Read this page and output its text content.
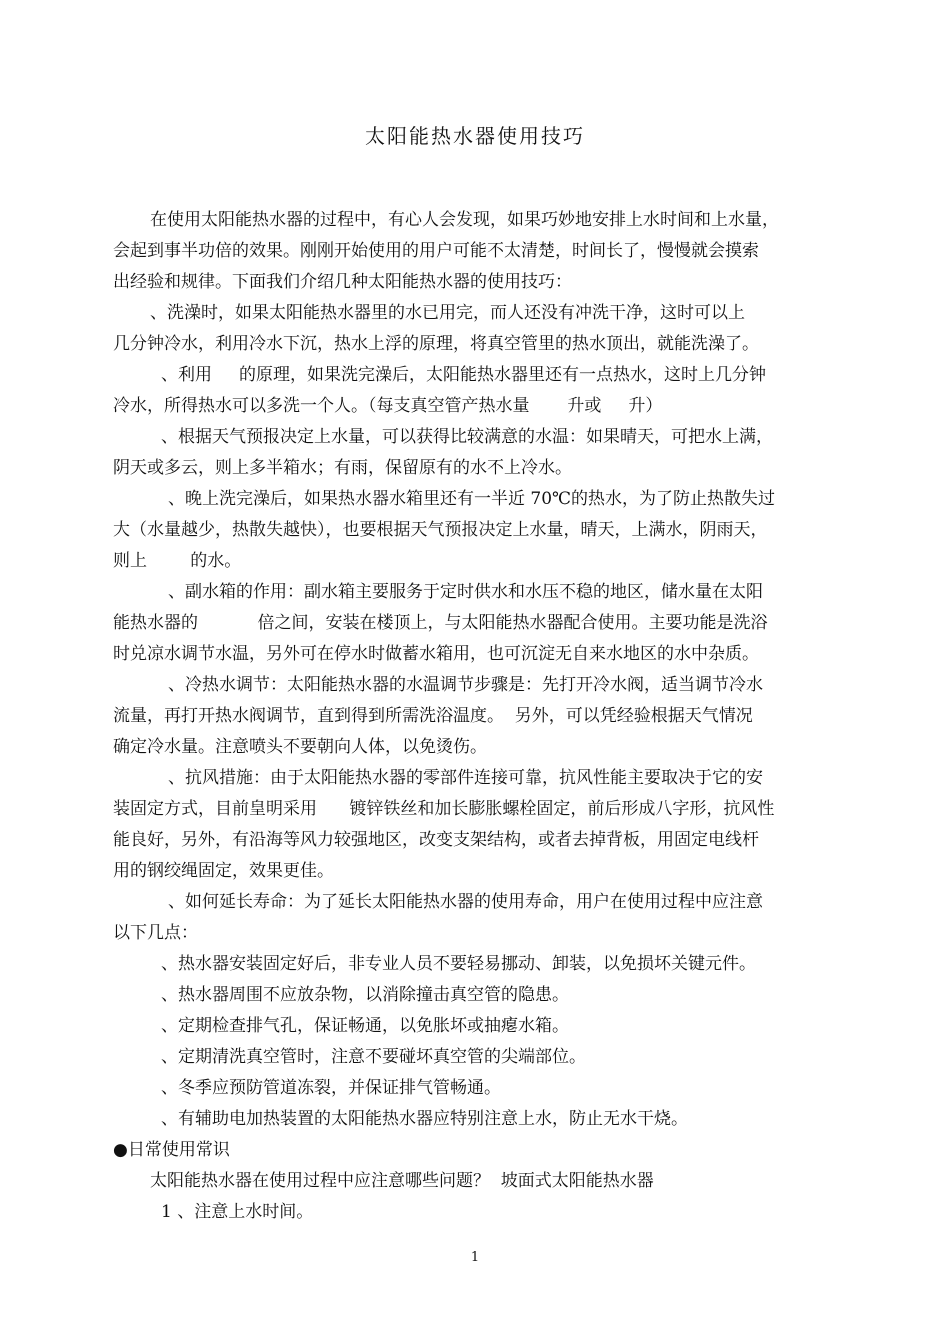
太阳能热水器使用技巧
在使用太阳能热水器的过程中，有心人会发现，如果巧妙地安排上水时间和上水量，
会起到事半功倍的效果。刚刚开始使用的用户可能不太清楚，时间长了，慢慢就会摸索
出经验和规律。下面我们介绍几种太阳能热水器的使用技巧：
、洗澡时，如果太阳能热水器里的水已用完，而人还没有冲洗干净，这时可以上
几分钟冷水，利用冷水下沉，热水上浮的原理，将真空管里的热水顶出，就能洗澡了。
、利用     的原理，如果洗完澡后，太阳能热水器里还有一点热水，这时上几分钟
冷水，所得热水可以多洗一个人。（每支真空管产热水量       升或     升）
、根据天气预报决定上水量，可以获得比较满意的水温：如果晴天，可把水上满，
阴天或多云，则上多半箱水；有雨，保留原有的水不上冷水。
、晚上洗完澡后，如果热水器水箱里还有一半近 70℃的热水，为了防止热散失过
大（水量越少，热散失越快），也要根据天气预报决定上水量，晴天，上满水，阴雨天，
则上        的水。
、副水箱的作用：副水箱主要服务于定时供水和水压不稳的地区，储水量在太阳
能热水器的           倍之间，安装在楼顶上，与太阳能热水器配合使用。主要功能是洗浴
时兑凉水调节水温，另外可在停水时做蓄水箱用，也可沉淀无自来水地区的水中杂质。
、冷热水调节：太阳能热水器的水温调节步骤是：先打开冷水阀，适当调节冷水
流量，再打开热水阀调节，直到得到所需洗浴温度。  另外，可以凭经验根据天气情况
确定冷水量。注意喷头不要朝向人体，以免烫伤。
、抗风措施：由于太阳能热水器的零部件连接可靠，抗风性能主要取决于它的安
装固定方式，目前皇明采用      镀锌铁丝和加长膨胀螺栓固定，前后形成八字形，抗风性
能良好，另外，有沿海等风力较强地区，改变支架结构，或者去掉背板，用固定电线杆
用的钢绞绳固定，效果更佳。
、如何延长寿命：为了延长太阳能热水器的使用寿命，用户在使用过程中应注意
以下几点：
、热水器安装固定好后，非专业人员不要轻易挪动、卸装，以免损坏关键元件。
、热水器周围不应放杂物，以消除撞击真空管的隐患。
、定期检查排气孔，保证畅通，以免胀坏或抽瘪水箱。
、定期清洗真空管时，注意不要碰坏真空管的尖端部位。
、冬季应预防管道冻裂，并保证排气管畅通。
、有辅助电加热装置的太阳能热水器应特别注意上水，防止无水干烧。
●日常使用常识
太阳能热水器在使用过程中应注意哪些问题？  坡面式太阳能热水器
1 、注意上水时间。
1
